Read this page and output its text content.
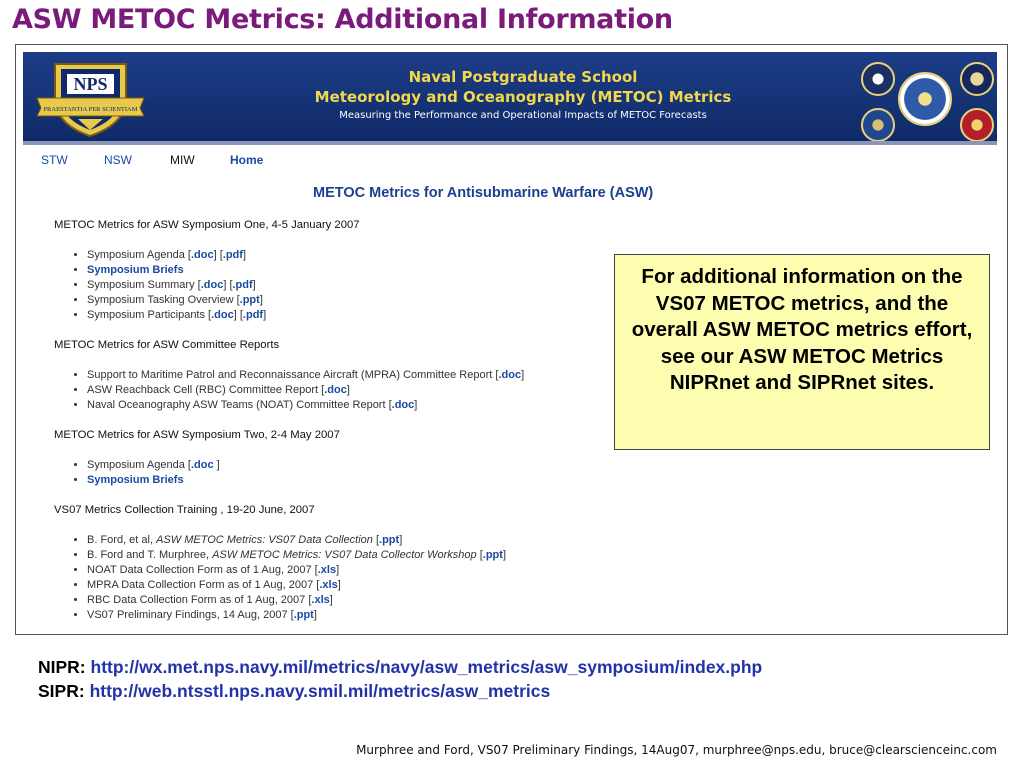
ASW METOC Metrics: Additional Information
NPS
PRAESTANTIA PER SCIENTIAM
Naval Postgraduate School
Meteorology and Oceanography (METOC) Metrics
Measuring the Performance and Operational Impacts of METOC Forecasts
STW	NSW	MIW	Home
METOC Metrics for Antisubmarine Warfare (ASW)
METOC Metrics for ASW Symposium One, 4-5 January 2007
• Symposium Agenda [.doc] [.pdf]
• Symposium Briefs
• Symposium Summary [.doc] [.pdf]
• Symposium Tasking Overview [.ppt]
• Symposium Participants [.doc] [.pdf]
METOC Metrics for ASW Committee Reports
• Support to Maritime Patrol and Reconnaissance Aircraft (MPRA) Committee Report [.doc]
• ASW Reachback Cell (RBC) Committee Report [.doc]
• Naval Oceanography ASW Teams (NOAT) Committee Report [.doc]
METOC Metrics for ASW Symposium Two, 2-4 May 2007
• Symposium Agenda [.doc ]
• Symposium Briefs
VS07 Metrics Collection Training , 19-20 June, 2007
• B. Ford, et al, ASW METOC Metrics: VS07 Data Collection [.ppt]
• B. Ford and T. Murphree, ASW METOC Metrics: VS07 Data Collector Workshop [.ppt]
• NOAT Data Collection Form as of 1 Aug, 2007 [.xls]
• MPRA Data Collection Form as of 1 Aug, 2007 [.xls]
• RBC Data Collection Form as of 1 Aug, 2007 [.xls]
• VS07 Preliminary Findings, 14 Aug, 2007 [.ppt]
For additional information on the VS07 METOC metrics, and the overall ASW METOC metrics effort, see our ASW METOC Metrics NIPRnet and SIPRnet sites.
NIPR: http://wx.met.nps.navy.mil/metrics/navy/asw_metrics/asw_symposium/index.php
SIPR: http://web.ntsstl.nps.navy.smil.mil/metrics/asw_metrics
Murphree and Ford, VS07 Preliminary Findings, 14Aug07, murphree@nps.edu, bruce@clearscienceinc.com
